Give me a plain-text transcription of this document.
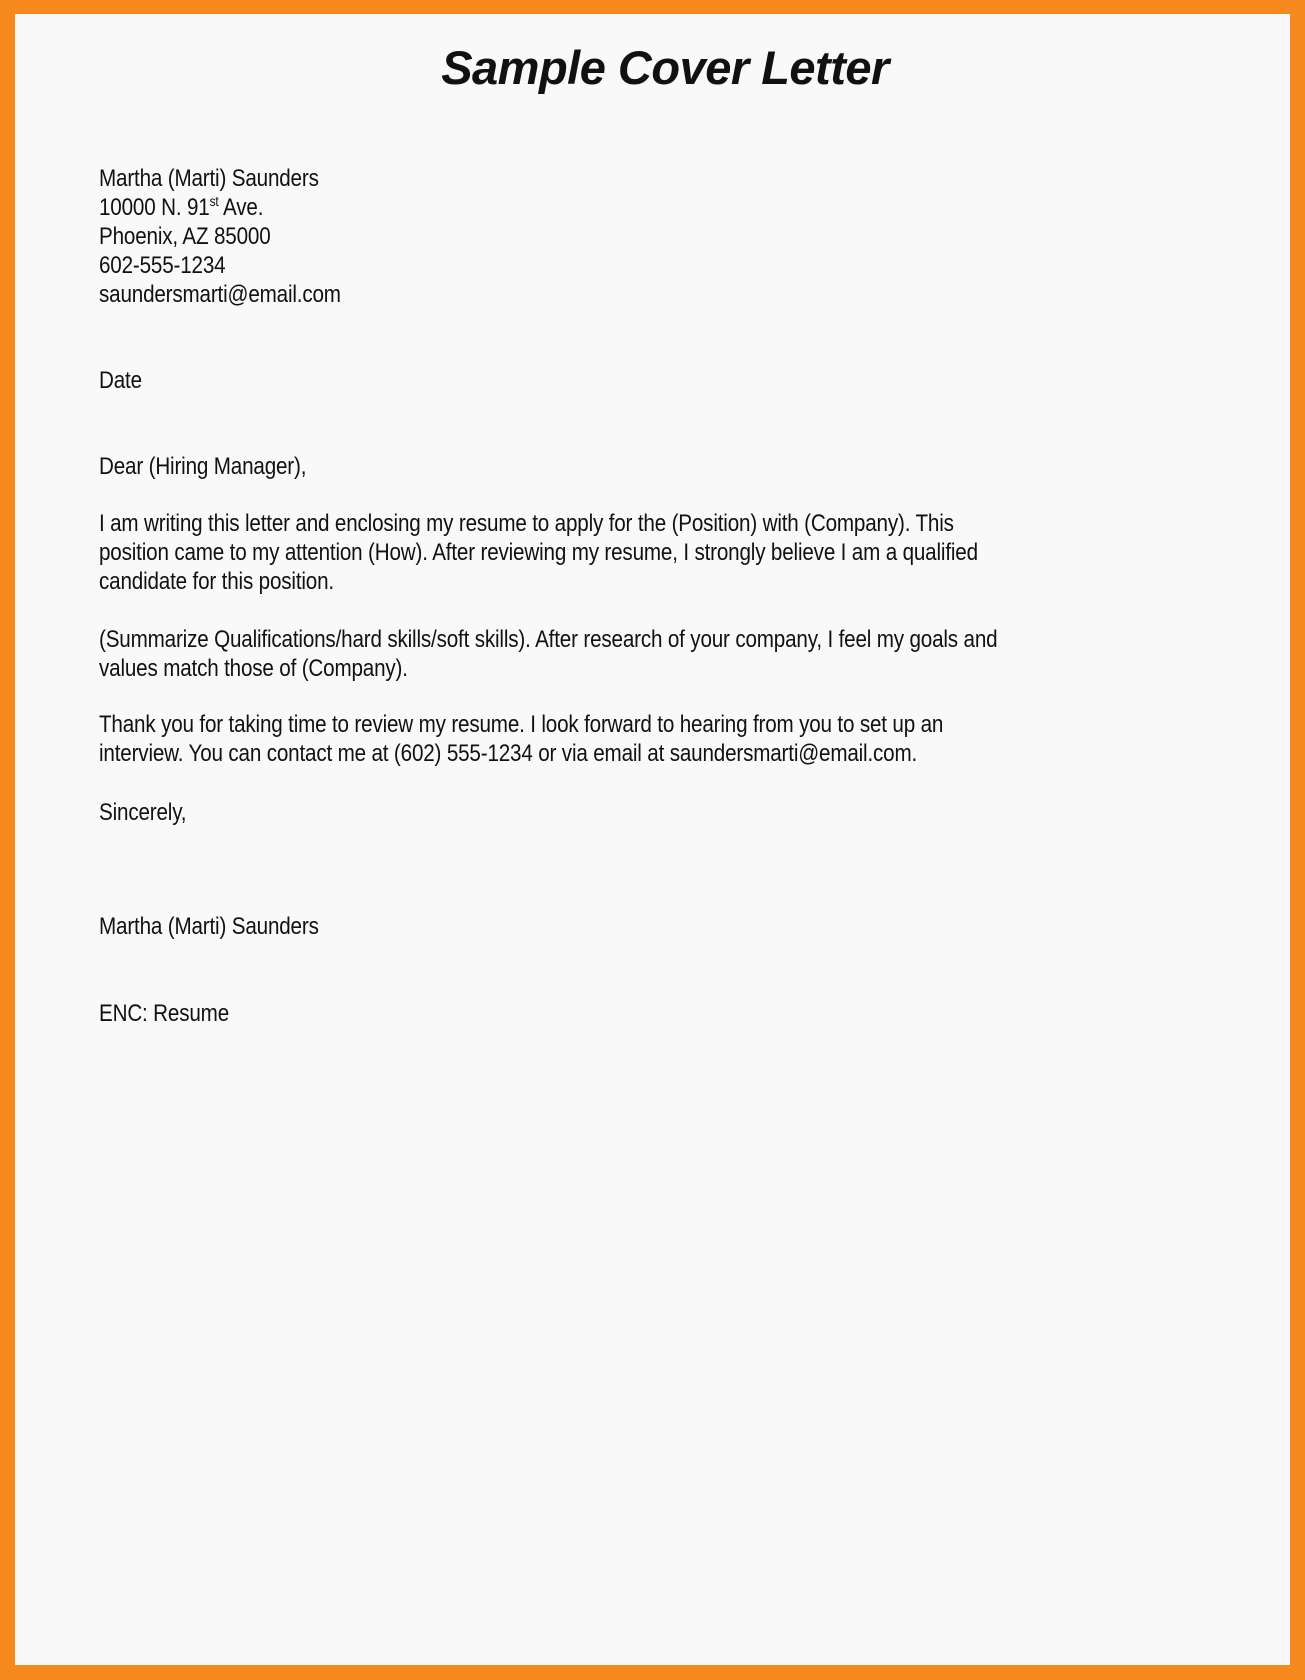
Sample Cover Letter
Martha (Marti) Saunders
10000 N. 91st Ave.
Phoenix, AZ 85000
602-555-1234
saundersmarti@email.com
Date
Dear (Hiring Manager),
I am writing this letter and enclosing my resume to apply for the (Position) with (Company). This
position came to my attention (How). After reviewing my resume, I strongly believe I am a qualified
candidate for this position.
(Summarize Qualifications/hard skills/soft skills). After research of your company, I feel my goals and
values match those of (Company).
Thank you for taking time to review my resume. I look forward to hearing from you to set up an
interview. You can contact me at (602) 555-1234 or via email at saundersmarti@email.com.
Sincerely,
Martha (Marti) Saunders
ENC: Resume
